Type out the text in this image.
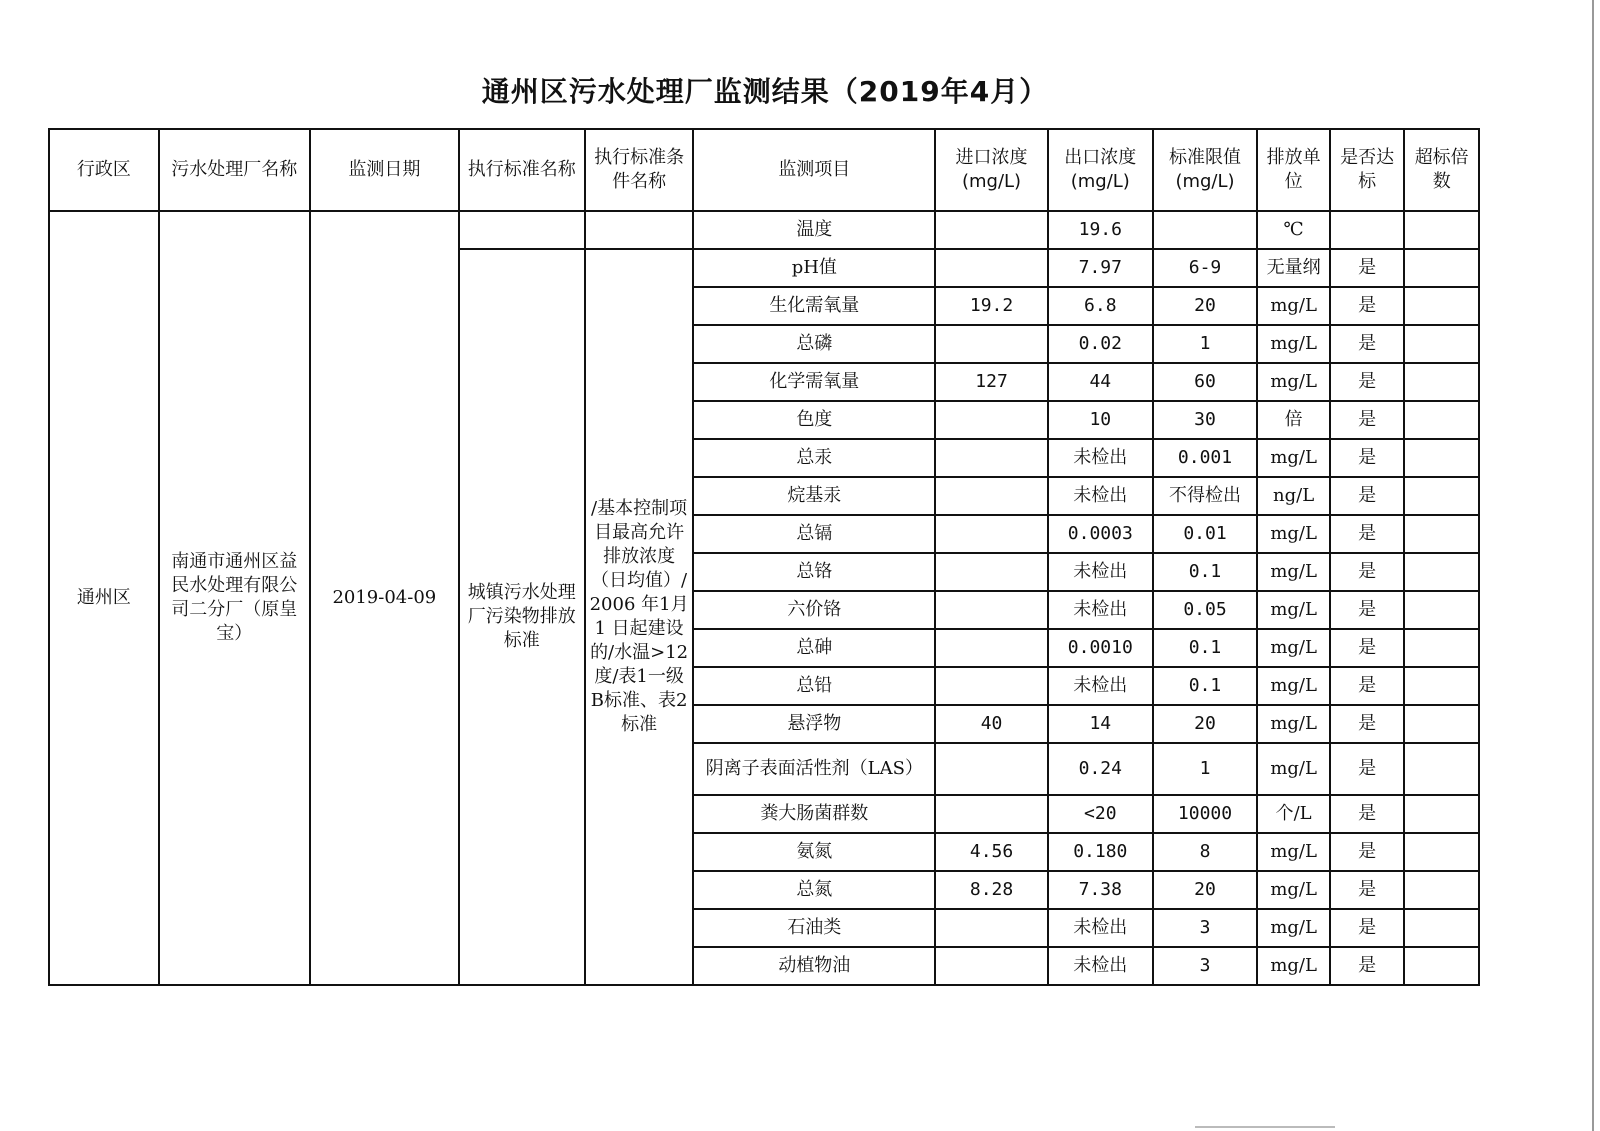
通州区污水处理厂监测结果（2019年4月）
行政区	污水处理厂名称	监测日期	执行标准名称	执行标准条件名称	监测项目	进口浓度(mg/L)	出口浓度(mg/L)	标准限值(mg/L)	排放单位	是否达标	超标倍数
通州区	南通市通州区益民水处理有限公司二分厂（原皇宝）	2019-04-09			温度		19.6		℃		
			城镇污水处理厂污染物排放标准	/基本控制项目最高允许排放浓度（日均值）/2006 年1月1 日起建设的/水温>12度/表1一级B标准、表2标准	pH值		7.97	6-9	无量纲	是	
					生化需氧量	19.2	6.8	20	mg/L	是	
					总磷		0.02	1	mg/L	是	
					化学需氧量	127	44	60	mg/L	是	
					色度		10	30	倍	是	
					总汞		未检出	0.001	mg/L	是	
					烷基汞		未检出	不得检出	ng/L	是	
					总镉		0.0003	0.01	mg/L	是	
					总铬		未检出	0.1	mg/L	是	
					六价铬		未检出	0.05	mg/L	是	
					总砷		0.0010	0.1	mg/L	是	
					总铅		未检出	0.1	mg/L	是	
					悬浮物	40	14	20	mg/L	是	
					阴离子表面活性剂（LAS）		0.24	1	mg/L	是	
					粪大肠菌群数		<20	10000	个/L	是	
					氨氮	4.56	0.180	8	mg/L	是	
					总氮	8.28	7.38	20	mg/L	是	
					石油类		未检出	3	mg/L	是	
					动植物油		未检出	3	mg/L	是	
